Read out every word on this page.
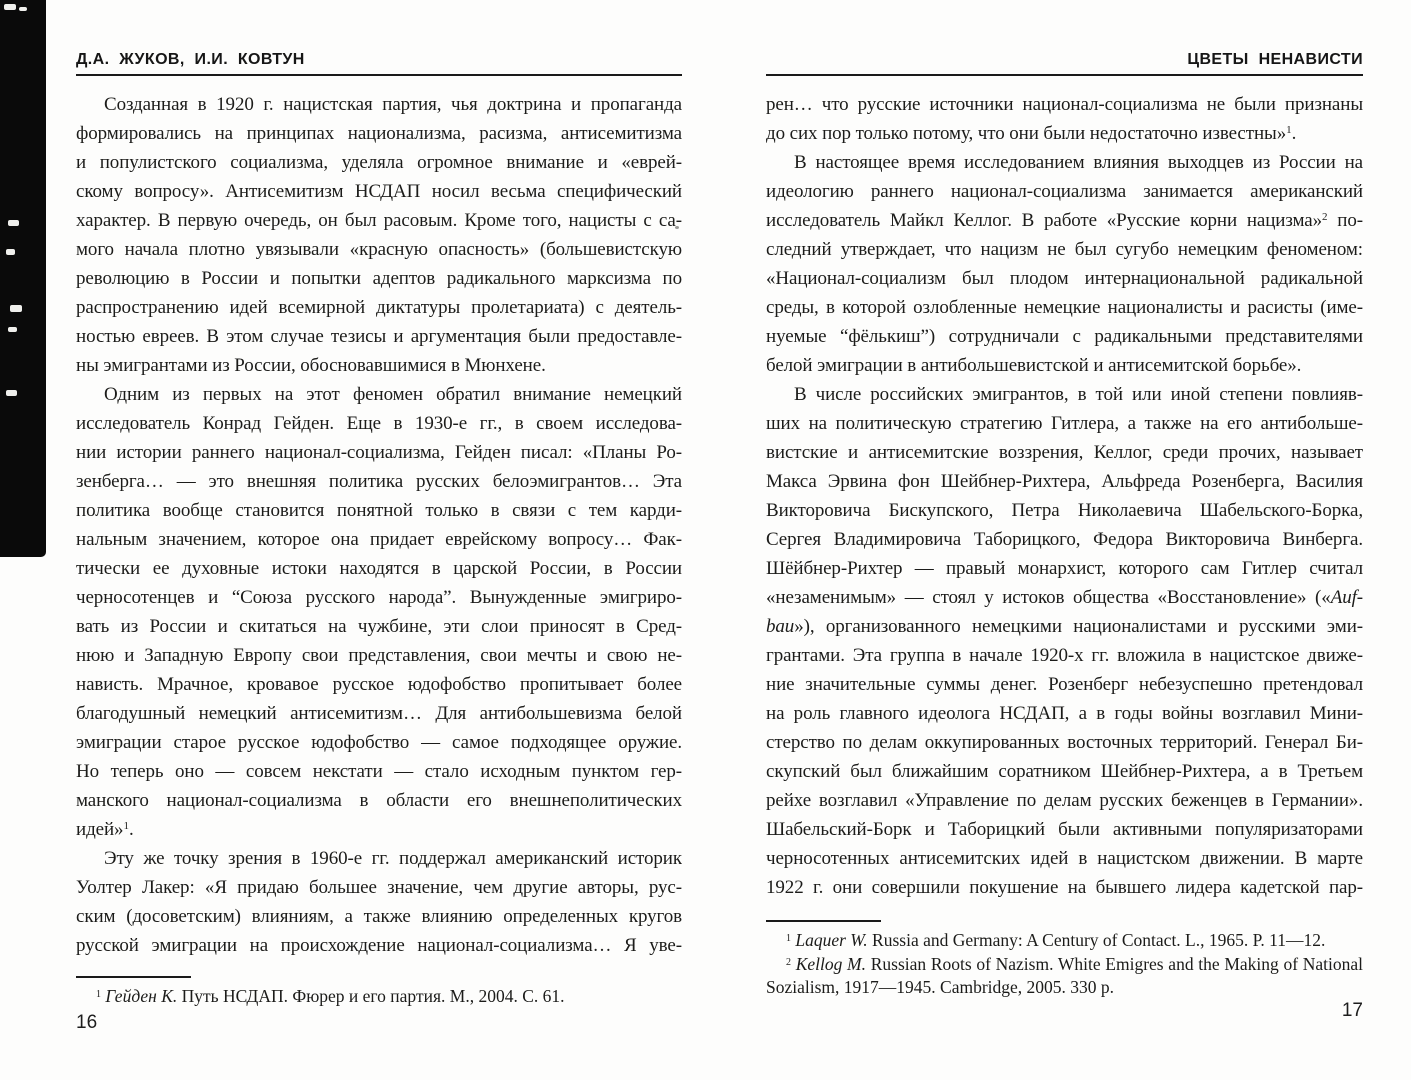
Д.А. ЖУКОВ, И.И. КОВТУН
Созданная в 1920 г. нацистская партия, чья доктрина и пропаганда
формировались на принципах национализма, расизма, антисемитизма
и популистского социализма, уделяла огромное внимание и «еврей-
скому вопросу». Антисемитизм НСДАП носил весьма специфический
характер. В первую очередь, он был расовым. Кроме того, нацисты с са-
мого начала плотно увязывали «красную опасность» (большевистскую
революцию в России и попытки адептов радикального марксизма по
распространению идей всемирной диктатуры пролетариата) с деятель-
ностью евреев. В этом случае тезисы и аргументация были предоставле-
ны эмигрантами из России, обосновавшимися в Мюнхене.
Одним из первых на этот феномен обратил внимание немецкий
исследователь Конрад Гейден. Еще в 1930-е гг., в своем исследова-
нии истории раннего национал-социализма, Гейден писал: «Планы Ро-
зенберга… — это внешняя политика русских белоэмигрантов… Эта
политика вообще становится понятной только в связи с тем карди-
нальным значением, которое она придает еврейскому вопросу… Фак-
тически ее духовные истоки находятся в царской России, в России
черносотенцев и “Союза русского народа”. Вынужденные эмигриро-
вать из России и скитаться на чужбине, эти слои приносят в Сред-
нюю и Западную Европу свои представления, свои мечты и свою не-
нависть. Мрачное, кровавое русское юдофобство пропитывает более
благодушный немецкий антисемитизм… Для антибольшевизма белой
эмиграции старое русское юдофобство — самое подходящее оружие.
Но теперь оно — совсем некстати — стало исходным пунктом гер-
манского национал-социализма в области его внешнеполитических
идей»$^1$.
Эту же точку зрения в 1960-е гг. поддержал американский историк
Уолтер Лакер: «Я придаю большее значение, чем другие авторы, рус-
ским (досоветским) влияниям, а также влиянию определенных кругов
русской эмиграции на происхождение национал-социализма… Я уве-
$^1$ Гейден К. Путь НСДАП. Фюрер и его партия. М., 2004. С. 61.
ЦВЕТЫ НЕНАВИСТИ
рен… что русские источники национал-социализма не были признаны
до сих пор только потому, что они были недостаточно известны»$^1$.
В настоящее время исследованием влияния выходцев из России на
идеологию раннего национал-социализма занимается американский
исследователь Майкл Келлог. В работе «Русские корни нацизма»$^2$ по-
следний утверждает, что нацизм не был сугубо немецким феноменом:
«Национал-социализм был плодом интернациональной радикальной
среды, в которой озлобленные немецкие националисты и расисты (име-
нуемые “фёлькиш”) сотрудничали с радикальными представителями
белой эмиграции в антибольшевистской и антисемитской борьбе».
В числе российских эмигрантов, в той или иной степени повлияв-
ших на политическую стратегию Гитлера, а также на его антибольше-
вистские и антисемитские воззрения, Келлог, среди прочих, называет
Макса Эрвина фон Шейбнер-Рихтера, Альфреда Розенберга, Василия
Викторовича Бискупского, Петра Николаевича Шабельского-Борка,
Сергея Владимировича Таборицкого, Федора Викторовича Винберга.
Шёйбнер-Рихтер — правый монархист, которого сам Гитлер считал
«незаменимым» — стоял у истоков общества «Восстановление» («Auf-
bau»), организованного немецкими националистами и русскими эми-
грантами. Эта группа в начале 1920-х гг. вложила в нацистское движе-
ние значительные суммы денег. Розенберг небезуспешно претендовал
на роль главного идеолога НСДАП, а в годы войны возглавил Мини-
стерство по делам оккупированных восточных территорий. Генерал Би-
скупский был ближайшим соратником Шейбнер-Рихтера, а в Третьем
рейхе возглавил «Управление по делам русских беженцев в Германии».
Шабельский-Борк и Таборицкий были активными популяризаторами
черносотенных антисемитских идей в нацистском движении. В марте
1922 г. они совершили покушение на бывшего лидера кадетской пар-
$^1$ Laquer W. Russia and Germany: A Century of Contact. L., 1965. P. 11—12.
$^2$ Kellog M. Russian Roots of Nazism. White Emigres and the Making of National
Sozialism, 1917—1945. Cambridge, 2005. 330 p.
16
17
